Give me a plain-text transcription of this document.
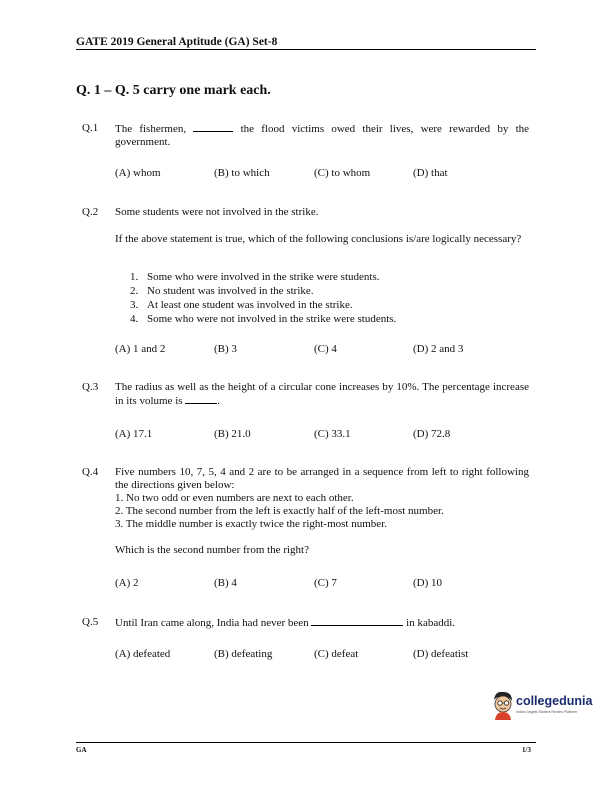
GATE 2019 General Aptitude (GA) Set-8
Q. 1 – Q. 5 carry one mark each.
Q.1 The fishermen,	the flood victims owed their lives, were rewarded by the government.
(A) whom	(B) to which	(C) to whom	(D) that
Q.2 Some students were not involved in the strike.
If the above statement is true, which of the following conclusions is/are logically necessary?
1. Some who were involved in the strike were students.
2. No student was involved in the strike.
3. At least one student was involved in the strike.
4. Some who were not involved in the strike were students.
(A) 1 and 2	(B) 3	(C) 4	(D) 2 and 3
Q.3 The radius as well as the height of a circular cone increases by 10%. The percentage increase in its volume is	.
(A) 17.1	(B) 21.0	(C) 33.1	(D) 72.8
Q.4 Five numbers 10, 7, 5, 4 and 2 are to be arranged in a sequence from left to right following the directions given below:
1. No two odd or even numbers are next to each other.
2. The second number from the left is exactly half of the left-most number.
3. The middle number is exactly twice the right-most number.
Which is the second number from the right?
(A) 2	(B) 4	(C) 7	(D) 10
Q.5 Until Iran came along, India had never been	in kabaddi.
(A) defeated	(B) defeating	(C) defeat	(D) defeatist
collegedunia
India's largest Student Review Platform
GA	1/3
